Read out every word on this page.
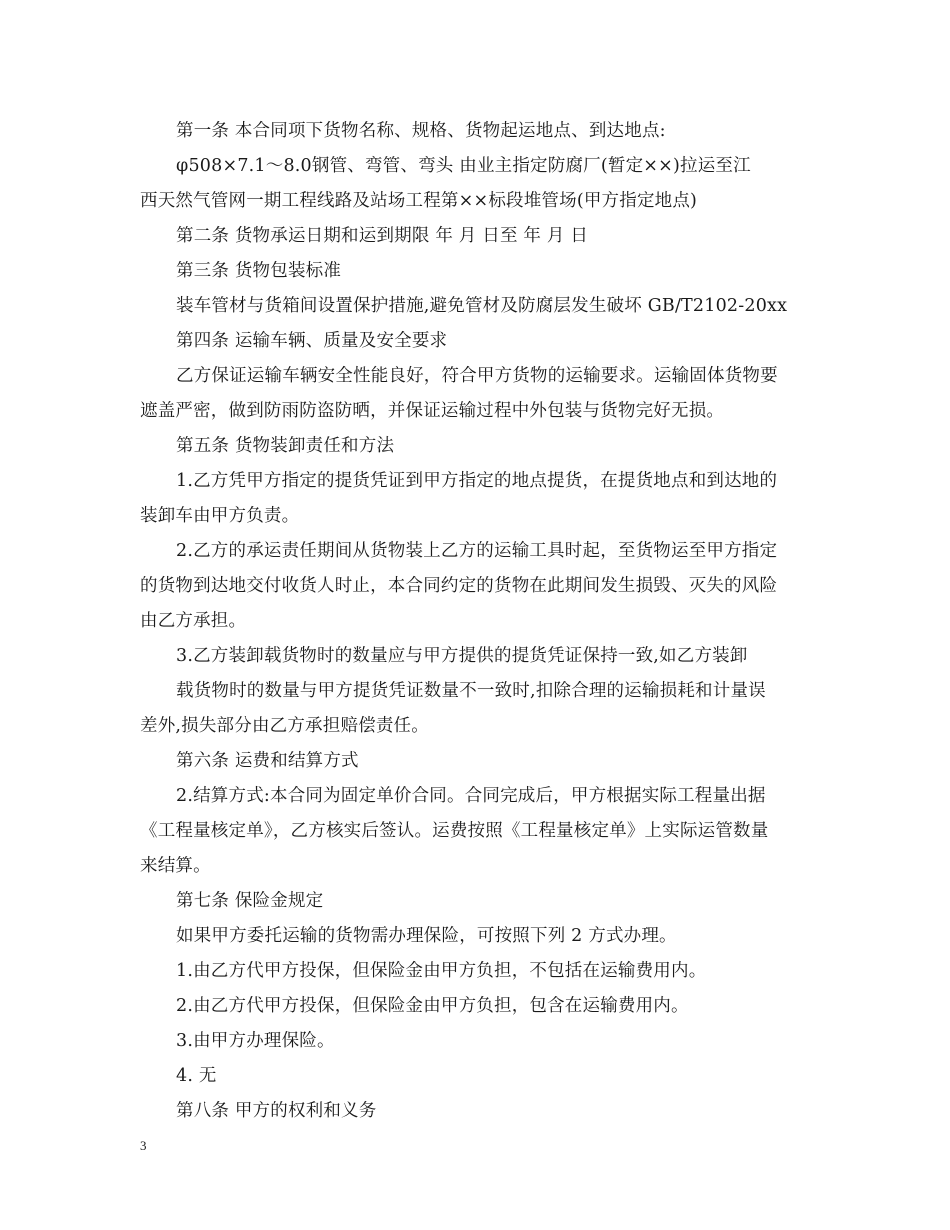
第一条 本合同项下货物名称、规格、货物起运地点、到达地点:
φ508×7.1～8.0钢管、弯管、弯头 由业主指定防腐厂(暂定××)拉运至江
西天然气管网一期工程线路及站场工程第××标段堆管场(甲方指定地点)
第二条 货物承运日期和运到期限 年 月 日至 年 月 日
第三条 货物包装标准
装车管材与货箱间设置保护措施,避免管材及防腐层发生破坏 GB/T2102-20xx
第四条 运输车辆、质量及安全要求
乙方保证运输车辆安全性能良好，符合甲方货物的运输要求。运输固体货物要
遮盖严密，做到防雨防盗防晒，并保证运输过程中外包装与货物完好无损。
第五条 货物装卸责任和方法
1.乙方凭甲方指定的提货凭证到甲方指定的地点提货，在提货地点和到达地的
装卸车由甲方负责。
2.乙方的承运责任期间从货物装上乙方的运输工具时起，至货物运至甲方指定
的货物到达地交付收货人时止，本合同约定的货物在此期间发生损毁、灭失的风险
由乙方承担。
3.乙方装卸载货物时的数量应与甲方提供的提货凭证保持一致,如乙方装卸
载货物时的数量与甲方提货凭证数量不一致时,扣除合理的运输损耗和计量误
差外,损失部分由乙方承担赔偿责任。
第六条 运费和结算方式
2.结算方式:本合同为固定单价合同。合同完成后，甲方根据实际工程量出据
《工程量核定单》，乙方核实后签认。运费按照《工程量核定单》上实际运管数量
来结算。
第七条 保险金规定
如果甲方委托运输的货物需办理保险，可按照下列 2 方式办理。
1.由乙方代甲方投保，但保险金由甲方负担，不包括在运输费用内。
2.由乙方代甲方投保，但保险金由甲方负担，包含在运输费用内。
3.由甲方办理保险。
4. 无
第八条 甲方的权利和义务
3
